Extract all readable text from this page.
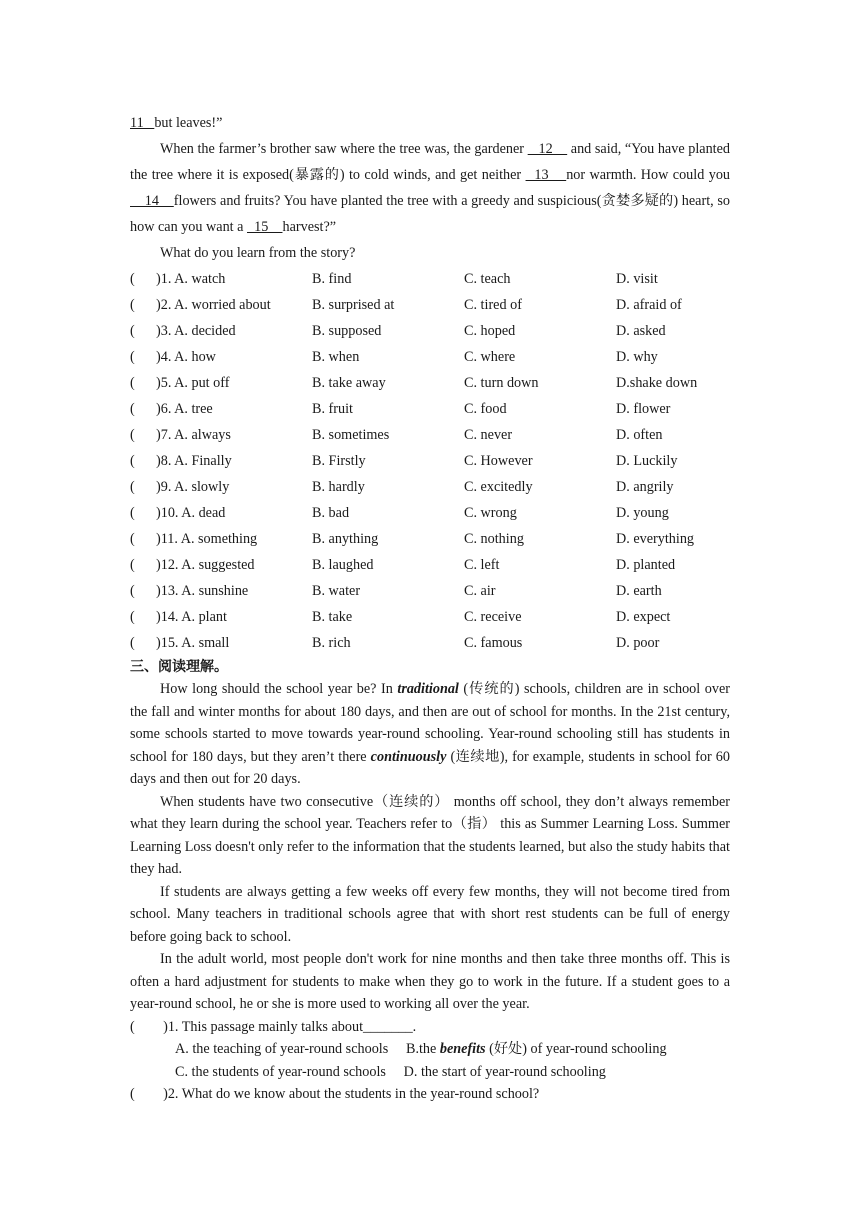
11   but leaves!”

When the farmer’s brother saw where the tree was, the gardener    12     and said, “You have planted the tree where it is exposed(暴露的) to cold winds, and get neither   13    nor warmth. How could you    14    flowers and fruits? You have planted the tree with a greedy and suspicious(贪婪多疑的) heart, so how can you want a   15    harvest?”

What do you learn from the story?

(      )1. A. watch	B. find	C. teach	D. visit
(      )2. A. worried about	B. surprised at	C. tired of	D. afraid of
(      )3. A. decided	B. supposed	C. hoped	D. asked
(      )4. A. how	B. when	C. where	D. why
(      )5. A. put off	B. take away	C. turn down	D.shake down
(      )6. A. tree	B. fruit	C. food	D. flower
(      )7. A. always	B. sometimes	C. never	D. often
(      )8. A. Finally	B. Firstly	C. However	D. Luckily
(      )9. A. slowly	B. hardly	C. excitedly	D. angrily
(      )10. A. dead	B. bad	C. wrong	D. young
(      )11. A. something	B. anything	C. nothing	D. everything
(      )12. A. suggested	B. laughed	C. left	D. planted
(      )13. A. sunshine	B. water	C. air	D. earth
(      )14. A. plant	B. take	C. receive	D. expect
(      )15. A. small	B. rich	C. famous	D. poor
三、阅读理解。

How long should the school year be? In traditional (传统的) schools, children are in school over the fall and winter months for about 180 days, and then are out of school for months. In the 21st century, some schools started to move towards year-round schooling. Year-round schooling still has students in school for 180 days, but they aren’t there continuously (连续地), for example, students in school for 60 days and then out for 20 days.

When students have two consecutive（连续的） months off school, they don’t always remember what they learn during the school year. Teachers refer to（指） this as Summer Learning Loss. Summer Learning Loss doesn't only refer to the information that the students learned, but also the study habits that they had.

If students are always getting a few weeks off every few months, they will not become tired from school. Many teachers in traditional schools agree that with short rest students can be full of energy before going back to school.

In the adult world, most people don't work for nine months and then take three months off. This is often a hard adjustment for students to make when they go to work in the future. If a student goes to a year-round school, he or she is more used to working all over the year.

(        )1. This passage mainly talks about_______.
A. the teaching of year-round schools     B.the benefits (好处) of year-round schooling
C. the students of year-round schools     D. the start of year-round schooling
(        )2. What do we know about the students in the year-round school?
